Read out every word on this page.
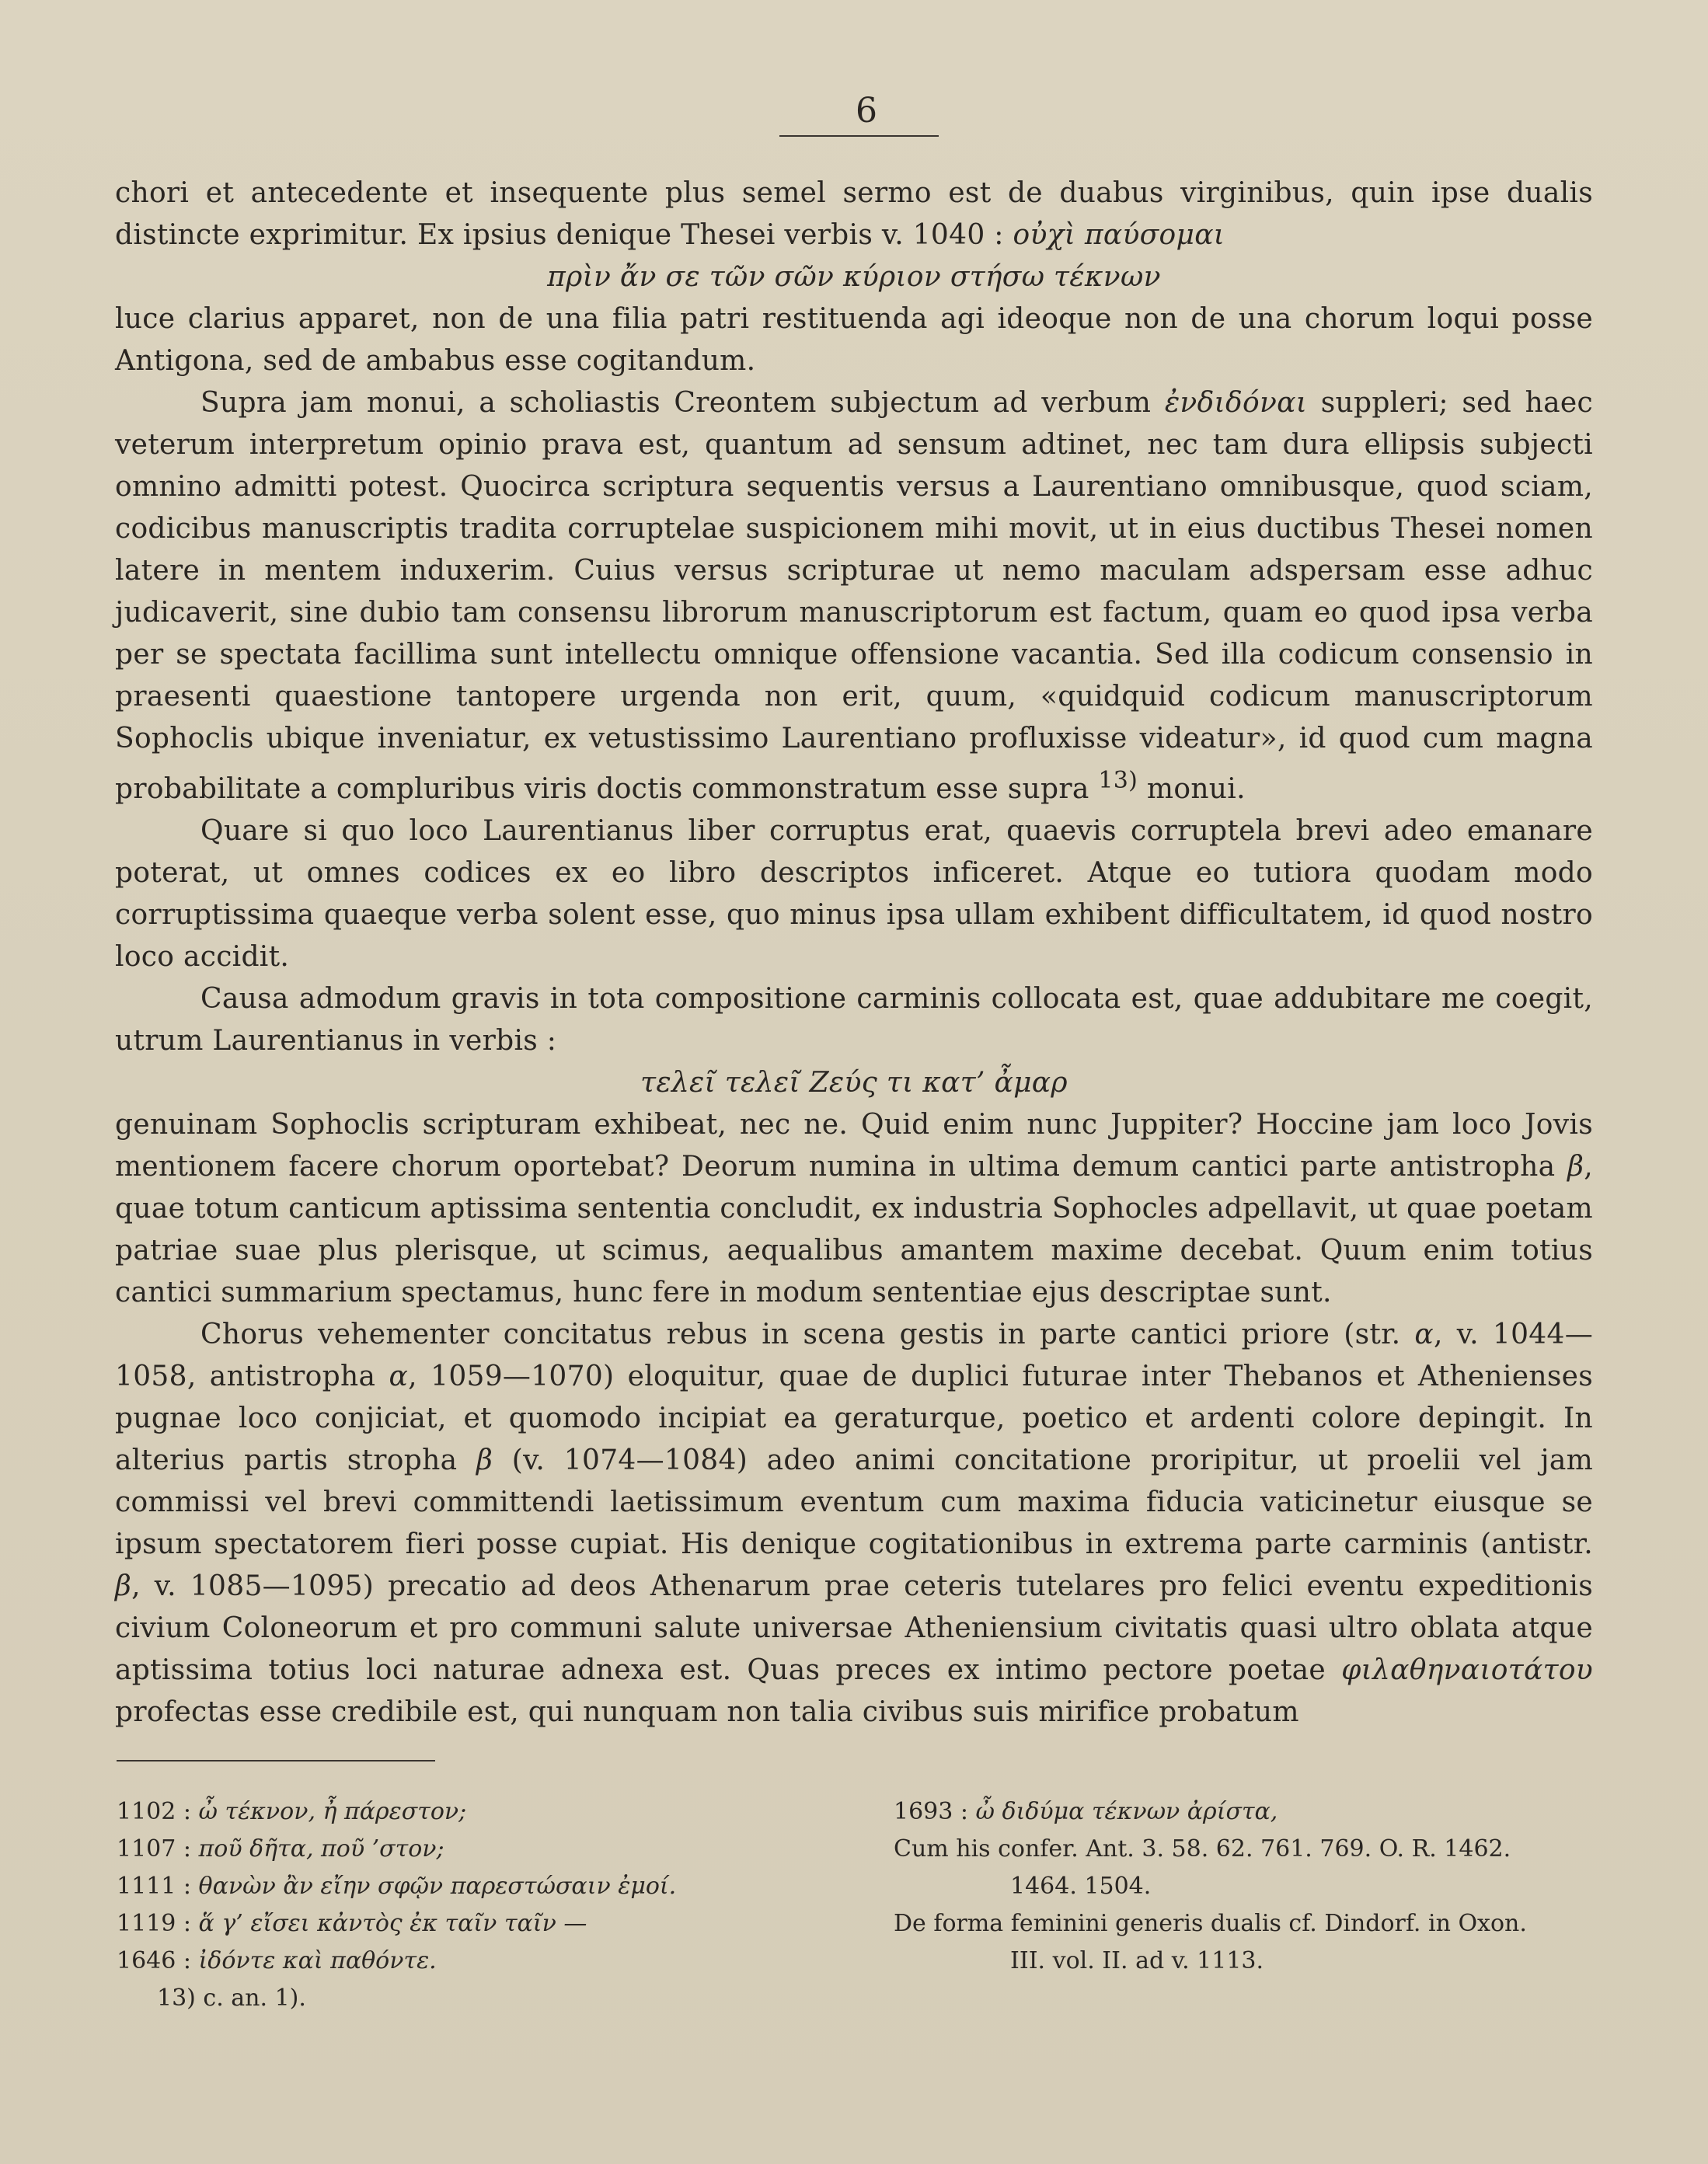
6

chori et antecedente et insequente plus semel sermo est de duabus virginibus, quin ipse dualis distincte exprimitur. Ex ipsius denique Thesei verbis v. 1040 : οὐχὶ παύσομαι

πρὶν ἄν σε τῶν σῶν κύριον στήσω τέκνων

luce clarius apparet, non de una filia patri restituenda agi ideoque non de una chorum loqui posse Antigona, sed de ambabus esse cogitandum.

Supra jam monui, a scholiastis Creontem subjectum ad verbum ἐνδιδόναι suppleri; sed haec veterum interpretum opinio prava est, quantum ad sensum adtinet, nec tam dura ellipsis subjecti omnino admitti potest. Quocirca scriptura sequentis versus a Laurentiano omnibusque, quod sciam, codicibus manuscriptis tradita corruptelae suspicionem mihi movit, ut in eius ductibus Thesei nomen latere in mentem induxerim. Cuius versus scripturae ut nemo maculam adspersam esse adhuc judicaverit, sine dubio tam consensu librorum manuscriptorum est factum, quam eo quod ipsa verba per se spectata facillima sunt intellectu omnique offensione vacantia. Sed illa codicum consensio in praesenti quaestione tantopere urgenda non erit, quum, «quidquid codicum manuscriptorum Sophoclis ubique inveniatur, ex vetustissimo Laurentiano profluxisse videatur», id quod cum magna probabilitate a compluribus viris doctis commonstratum esse supra $^{13)}$ monui.

Quare si quo loco Laurentianus liber corruptus erat, quaevis corruptela brevi adeo emanare poterat, ut omnes codices ex eo libro descriptos inficeret. Atque eo tutiora quodam modo corruptissima quaeque verba solent esse, quo minus ipsa ullam exhibent difficultatem, id quod nostro loco accidit.

Causa admodum gravis in tota compositione carminis collocata est, quae addubitare me coegit, utrum Laurentianus in verbis :

τελεῖ τελεῖ Ζεύς τι κατ’ ἆμαρ

genuinam Sophoclis scripturam exhibeat, nec ne. Quid enim nunc Juppiter? Hoccine jam loco Jovis mentionem facere chorum oportebat? Deorum numina in ultima demum cantici parte antistropha β, quae totum canticum aptissima sententia concludit, ex industria Sophocles adpellavit, ut quae poetam patriae suae plus plerisque, ut scimus, aequalibus amantem maxime decebat. Quum enim totius cantici summarium spectamus, hunc fere in modum sententiae ejus descriptae sunt.

Chorus vehementer concitatus rebus in scena gestis in parte cantici priore (str. α, v. 1044—1058, antistropha α, 1059—1070) eloquitur, quae de duplici futurae inter Thebanos et Athenienses pugnae loco conjiciat, et quomodo incipiat ea geraturque, poetico et ardenti colore depingit. In alterius partis stropha β (v. 1074—1084) adeo animi concitatione proripitur, ut proelii vel jam commissi vel brevi committendi laetissimum eventum cum maxima fiducia vaticinetur eiusque se ipsum spectatorem fieri posse cupiat. His denique cogitationibus in extrema parte carminis (antistr. β, v. 1085—1095) precatio ad deos Athenarum prae ceteris tutelares pro felici eventu expeditionis civium Coloneorum et pro communi salute universae Atheniensium civitatis quasi ultro oblata atque aptissima totius loci naturae adnexa est. Quas preces ex intimo pectore poetae φιλαθηναιοτάτου profectas esse credibile est, qui nunquam non talia civibus suis mirifice probatum

1102 : ὦ τέκνον, ἦ πάρεστον;
1107 : ποῦ δῆτα, ποῦ ’στον;
1111 : θανὼν ἂν εἴην σφῷν παρεστώσαιν ἐμοί.
1119 : ἅ γ’ εἴσει κἀντὸς ἐκ ταῖν ταῖν —
1646 : ἰδόντε καὶ παθόντε.
13) c. an. 1).
1693 : ὦ διδύμα τέκνων ἀρίστα,
Cum his confer. Ant. 3. 58. 62. 761. 769. O. R. 1462.
1464. 1504.
De forma feminini generis dualis cf. Dindorf. in Oxon.
III. vol. II. ad v. 1113.
